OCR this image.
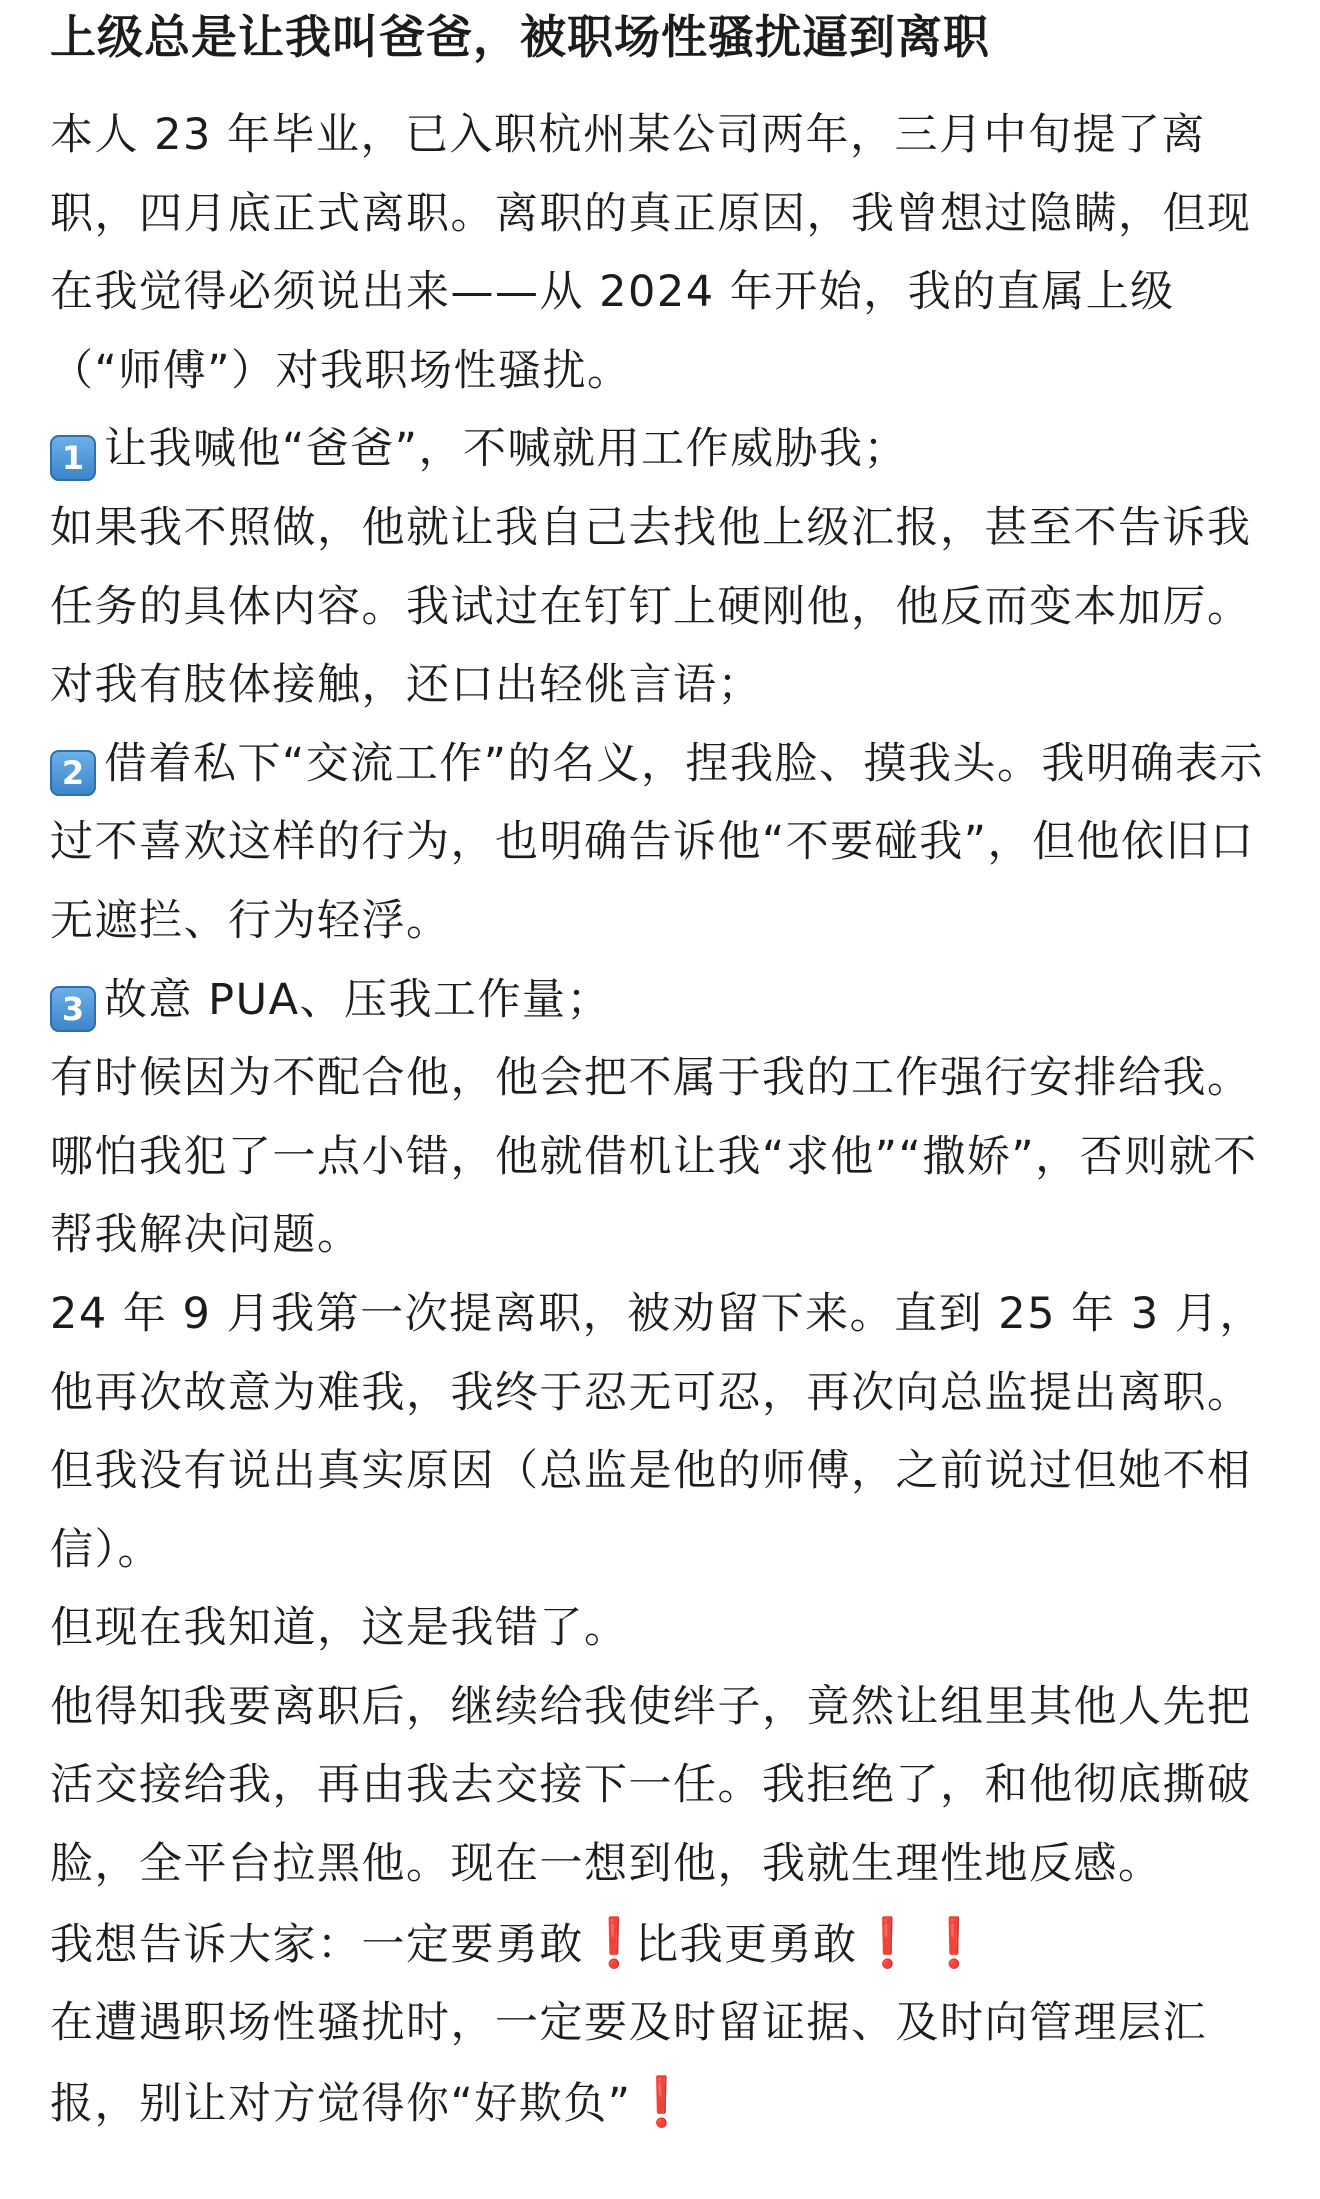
上级总是让我叫爸爸，被职场性骚扰逼到离职

本人 23 年毕业，已入职杭州某公司两年，三月中旬提了离职，四月底正式离职。离职的真正原因，我曾想过隐瞒，但现在我觉得必须说出来——从 2024 年开始，我的直属上级（“师傅”）对我职场性骚扰。

1 让我喊他“爸爸”，不喊就用工作威胁我；

如果我不照做，他就让我自己去找他上级汇报，甚至不告诉我任务的具体内容。我试过在钉钉上硬刚他，他反而变本加厉。对我有肢体接触，还口出轻佻言语；

2 借着私下“交流工作”的名义，捏我脸、摸我头。我明确表示过不喜欢这样的行为，也明确告诉他“不要碰我”，但他依旧口无遮拦、行为轻浮。

3 故意 PUA、压我工作量；

有时候因为不配合他，他会把不属于我的工作强行安排给我。哪怕我犯了一点小错，他就借机让我“求他”“撒娇”，否则就不帮我解决问题。

24 年 9 月我第一次提离职，被劝留下来。直到 25 年 3 月，他再次故意为难我，我终于忍无可忍，再次向总监提出离职。但我没有说出真实原因（总监是他的师傅，之前说过但她不相信）。

但现在我知道，这是我错了。

他得知我要离职后，继续给我使绊子，竟然让组里其他人先把活交接给我，再由我去交接下一任。我拒绝了，和他彻底撕破脸，全平台拉黑他。现在一想到他，我就生理性地反感。

我想告诉大家：一定要勇敢❗ 比我更勇敢❗ ❗

在遭遇职场性骚扰时，一定要及时留证据、及时向管理层汇报，别让对方觉得你“好欺负”❗
